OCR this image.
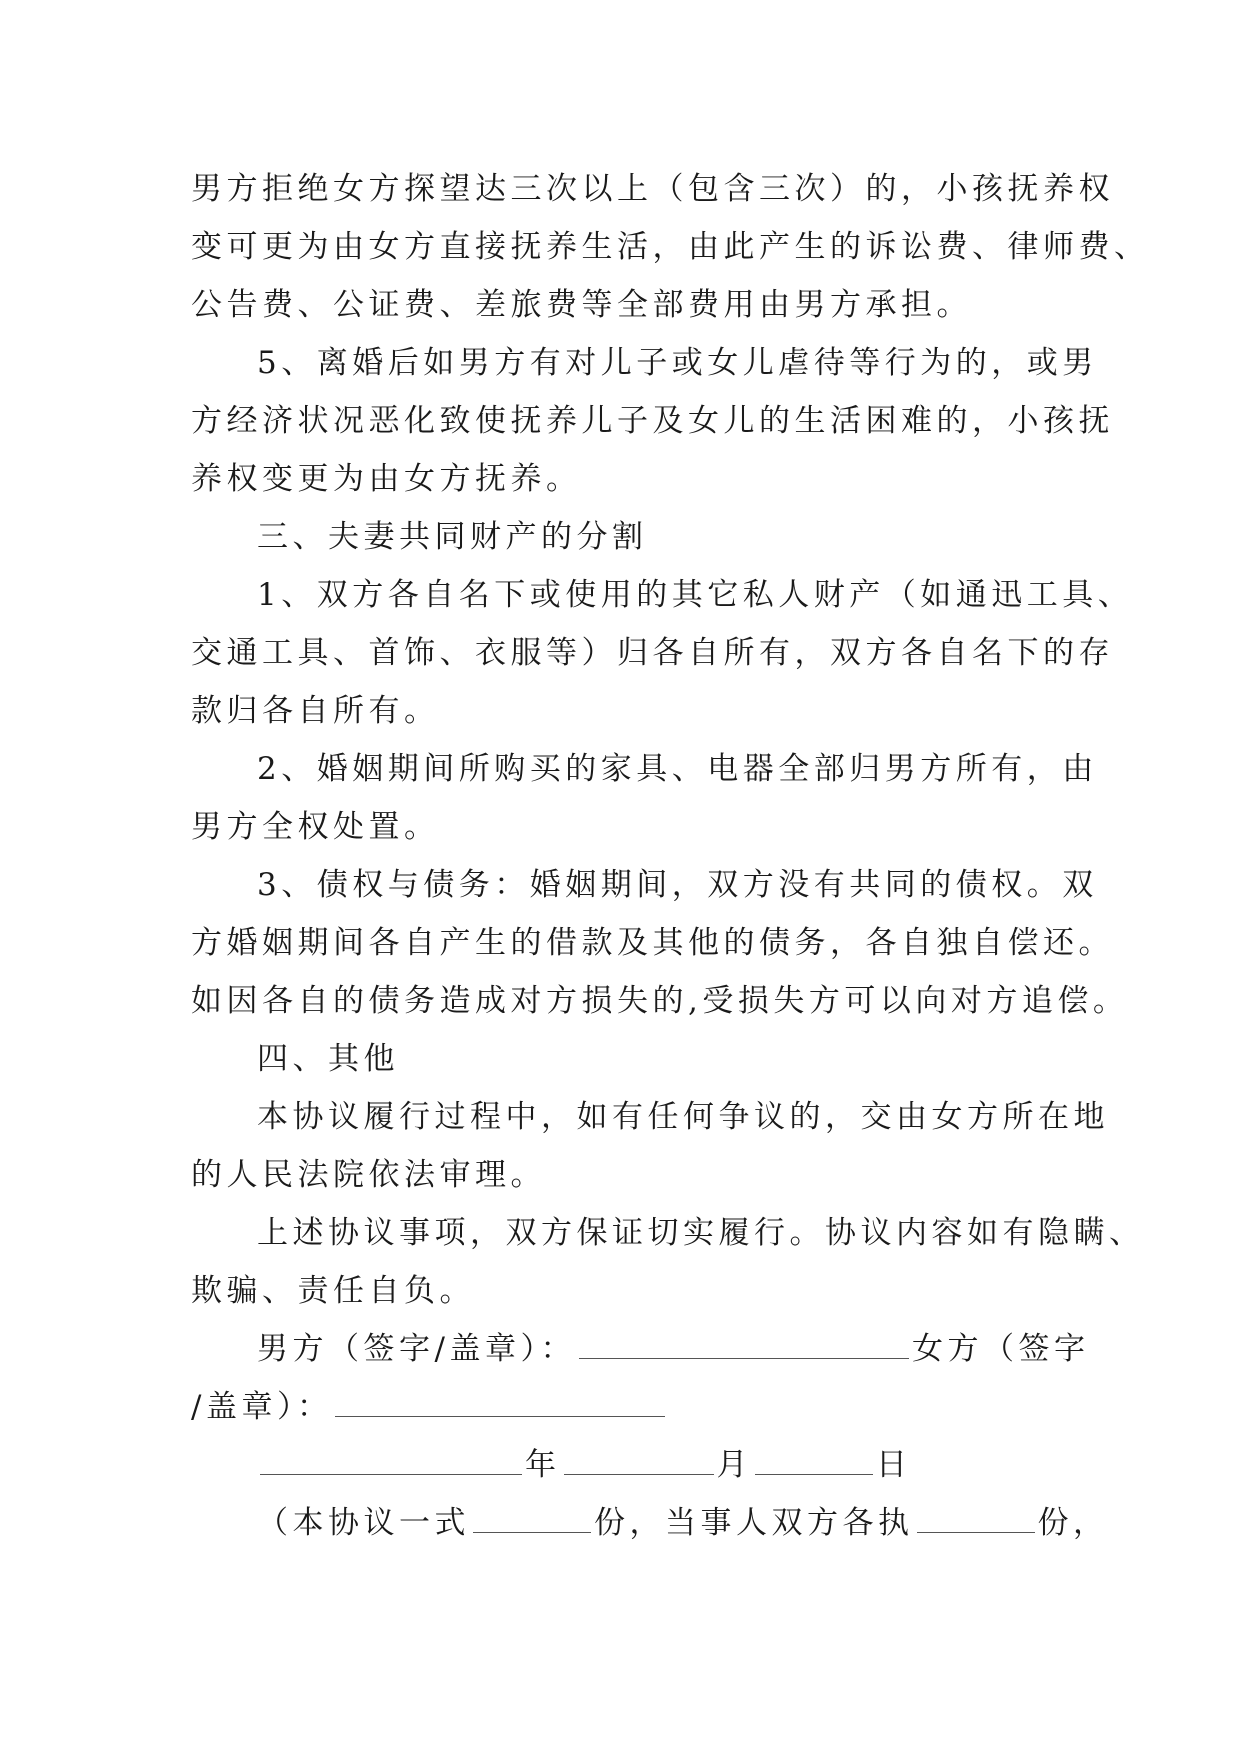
男方拒绝女方探望达三次以上（包含三次）的，小孩抚养权
变可更为由女方直接抚养生活，由此产生的诉讼费、律师费、
公告费、公证费、差旅费等全部费用由男方承担。
5、离婚后如男方有对儿子或女儿虐待等行为的，或男
方经济状况恶化致使抚养儿子及女儿的生活困难的，小孩抚
养权变更为由女方抚养。
三、夫妻共同财产的分割
1、双方各自名下或使用的其它私人财产（如通迅工具、
交通工具、首饰、衣服等）归各自所有，双方各自名下的存
款归各自所有。
2、婚姻期间所购买的家具、电器全部归男方所有，由
男方全权处置。
3、债权与债务：婚姻期间，双方没有共同的债权。双
方婚姻期间各自产生的借款及其他的债务，各自独自偿还。
如因各自的债务造成对方损失的,受损失方可以向对方追偿。
四、其他
本协议履行过程中，如有任何争议的，交由女方所在地
的人民法院依法审理。
上述协议事项，双方保证切实履行。协议内容如有隐瞒、
欺骗、责任自负。
男方（签字/盖章）：	女方（签字
/盖章）：
年	月	日
（本协议一式	份，当事人双方各执	份，
